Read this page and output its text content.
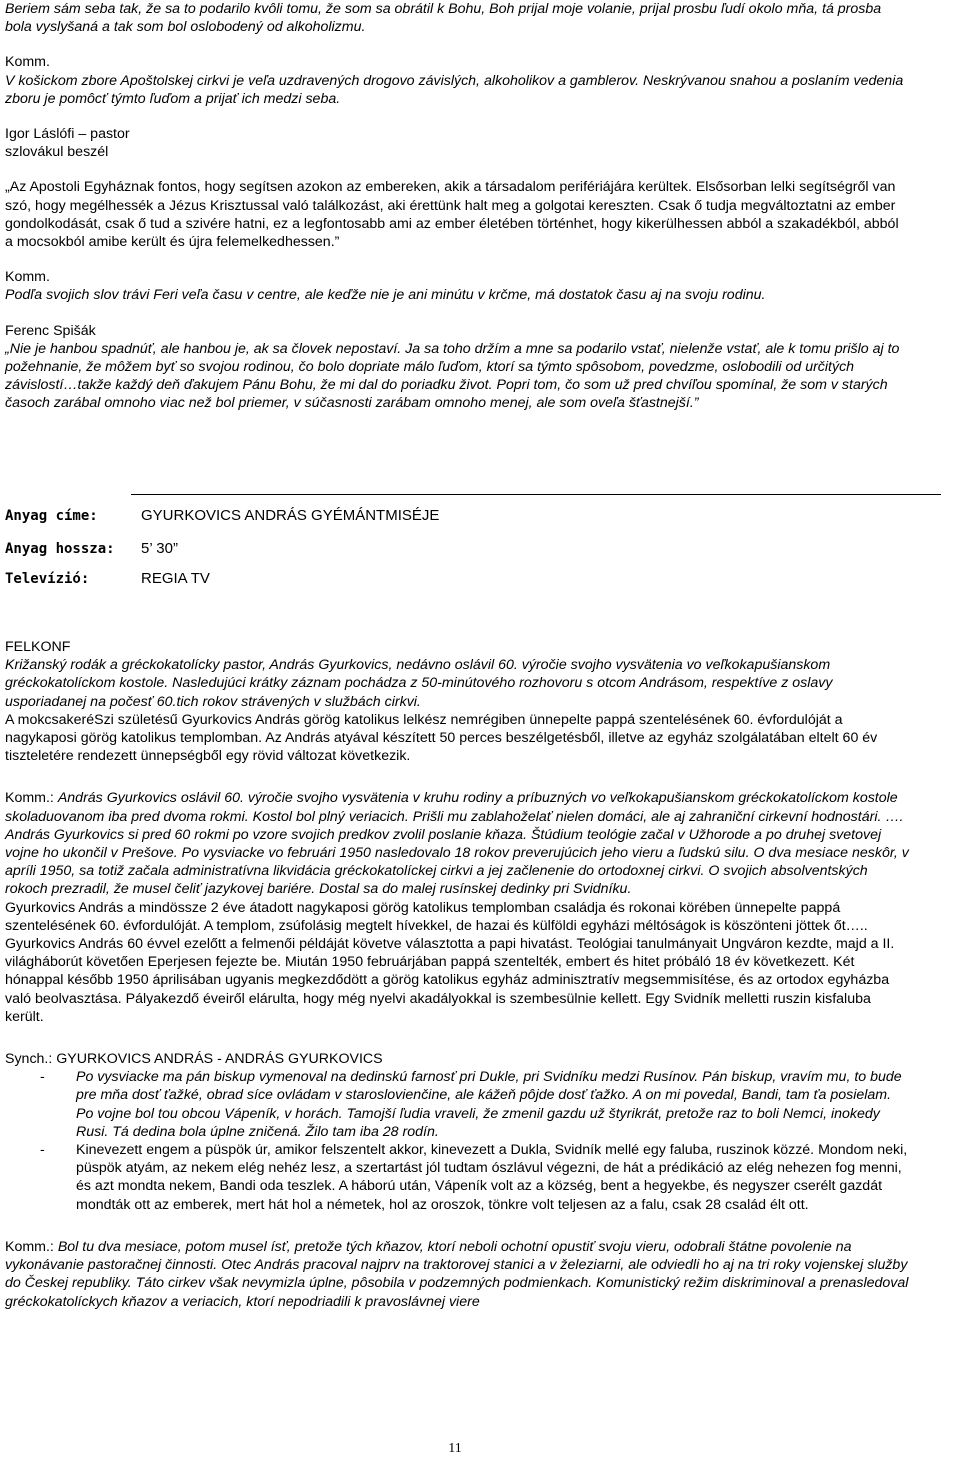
Beriem sám seba tak, že sa to podarilo kvôli tomu, že som sa obrátil k Bohu, Boh prijal moje volanie, prijal prosbu ľudí okolo mňa, tá prosba bola vyslyšaná a tak som bol oslobodený od alkoholizmu.

Komm.

V košickom zbore Apoštolskej cirkvi je veľa uzdravených drogovo závislých, alkoholikov a gamblerov. Neskrývanou snahou a poslaním vedenia zboru je pomôcť týmto ľuďom a prijať ich medzi seba.

Igor Láslófi – pastor

szlovákul beszél

„Az Apostoli Egyháznak fontos, hogy segítsen azokon az embereken, akik a társadalom perifériájára kerültek. Elsősorban lelki segítségről van szó, hogy megélhessék a Jézus Krisztussal való találkozást, aki érettünk halt meg a golgotai kereszten. Csak ő tudja megváltoztatni az ember gondolkodását, csak ő tud a szivére hatni, ez a legfontosabb ami az ember életében történhet, hogy kikerülhessen abból a szakadékból, abból a mocsokból amibe került és újra felemelkedhessen.”

Komm.

Podľa svojich slov trávi Feri veľa času v centre, ale keďže nie je ani minútu v krčme, má dostatok času aj na svoju rodinu.

Ferenc Spišák

„Nie je hanbou spadnúť, ale hanbou je, ak sa človek nepostaví. Ja sa toho držím a mne sa podarilo vstať, nielenže vstať, ale k tomu prišlo aj to požehnanie, že môžem byť so svojou rodinou, čo bolo dopriate málo ľuďom, ktorí sa týmto spôsobom, povedzme, oslobodili od určitých závislostí…takže každý deň ďakujem Pánu Bohu, že mi dal do poriadku život. Popri tom, čo som už pred chvíľou spomínal, že som v starých časoch zarábal omnoho viac než bol priemer, v súčasnosti zarábam omnoho menej, ale som oveľa šťastnejší.”

Anyag címe:	GYURKOVICS ANDRÁS GYÉMÁNTMISÉJE
Anyag hossza: 5’ 30”
Televízió:	REGIA TV

FELKONF

Križanský rodák a gréckokatolícky pastor, András Gyurkovics, nedávno oslávil 60. výročie svojho vysvätenia vo veľkokapušianskom gréckokatolíckom kostole. Nasledujúci krátky záznam pochádza z 50-minútového rozhovoru s otcom Andrásom, respektíve z oslavy usporiadanej na počesť 60.tich rokov strávených v službách cirkvi.

A mokcsakeréSzi születésű Gyurkovics András görög katolikus lelkész nemrégiben ünnepelte pappá szentelésének 60. évfordulóját a nagykaposi görög katolikus templomban. Az András atyával készített 50 perces beszélgetésből, illetve az egyház szolgálatában eltelt 60 év tiszteletére rendezett ünnepségből egy rövid változat következik.

Komm.: András Gyurkovics oslávil 60. výročie svojho vysvätenia v kruhu rodiny a príbuzných vo veľkokapušianskom gréckokatolíckom kostole skoladuovanom iba pred dvoma rokmi. Kostol bol plný veriacich. Prišli mu zablahoželať nielen domáci, ale aj zahraniční cirkevní hodnostári. ….

András Gyurkovics si pred 60 rokmi po vzore svojich predkov zvolil poslanie kňaza. Štúdium teológie začal v Užhorode a po druhej svetovej vojne ho ukončil v Prešove. Po vysviacke vo februári 1950 nasledovalo 18 rokov preverujúcich jeho vieru a ľudskú silu. O dva mesiace neskôr, v apríli 1950, sa totiž začala administratívna likvidácia gréckokatolíckej cirkvi a jej začlenenie do ortodoxnej cirkvi. O svojich absolventských rokoch prezradil, že musel čeliť jazykovej bariére. Dostal sa do malej rusínskej dedinky pri Svidníku.

Gyurkovics András a mindössze 2 éve átadott nagykaposi görög katolikus templomban családja és rokonai körében ünnepelte pappá szentelésének 60. évfordulóját. A templom, zsúfolásig megtelt hívekkel, de hazai és külföldi egyházi méltóságok is köszönteni jöttek őt…..

Gyurkovics András 60 évvel ezelőtt a felmenői példáját követve választotta a papi hivatást. Teológiai tanulmányait Ungváron kezdte, majd a II. világháborút követően Eperjesen fejezte be. Miután 1950 februárjában pappá szentelték, embert és hitet próbáló 18 év következett. Két hónappal később 1950 áprilisában ugyanis megkezdődött a görög katolikus egyház adminisztratív megsemmisítése, és az ortodox egyházba való beolvasztása. Pályakezdő éveiről elárulta, hogy még nyelvi akadályokkal is szembesülnie kellett. Egy Svidník melletti ruszin kisfaluba került.

Synch.: GYURKOVICS ANDRÁS - ANDRÁS GYURKOVICS

- Po vysviacke ma pán biskup vymenoval na dedinskú farnosť pri Dukle, pri Svidníku medzi Rusínov. Pán biskup, vravím mu, to bude pre mňa dosť ťažké, obrad síce ovládam v staroslovienčine, ale kážeň pôjde dosť ťažko. A on mi povedal, Bandi, tam ťa posielam. Po vojne bol tou obcou Vápeník, v horách. Tamojší ľudia vraveli, že zmenil gazdu už štyrikrát, pretože raz to boli Nemci, inokedy Rusi. Tá dedina bola úplne zničená. Žilo tam iba 28 rodín.
- Kinevezett engem a püspök úr, amikor felszentelt akkor, kinevezett a Dukla, Svidník mellé egy faluba, ruszinok közzé. Mondom neki, püspök atyám, az nekem elég nehéz lesz, a szertartást jól tudtam ószlávul végezni, de hát a prédikáció az elég nehezen fog menni, és azt mondta nekem, Bandi oda teszlek. A háború után, Vápeník volt az a község, bent a hegyekbe, és negyszer cserélt gazdát mondták ott az emberek, mert hát hol a németek, hol az oroszok, tönkre volt teljesen az a falu, csak 28 család élt ott.

Komm.: Bol tu dva mesiace, potom musel ísť, pretože tých kňazov, ktorí neboli ochotní opustiť svoju vieru, odobrali štátne povolenie na vykonávanie pastoračnej činnosti. Otec András pracoval najprv na traktorovej stanici a v železiarni, ale odviedli ho aj na tri roky vojenskej služby do Českej republiky. Táto cirkev však nevymizla úplne, pôsobila v podzemných podmienkach. Komunistický režim diskriminoval a prenasledoval gréckokatolíckych kňazov a veriacich, ktorí nepodriadili k pravoslávnej viere

11
